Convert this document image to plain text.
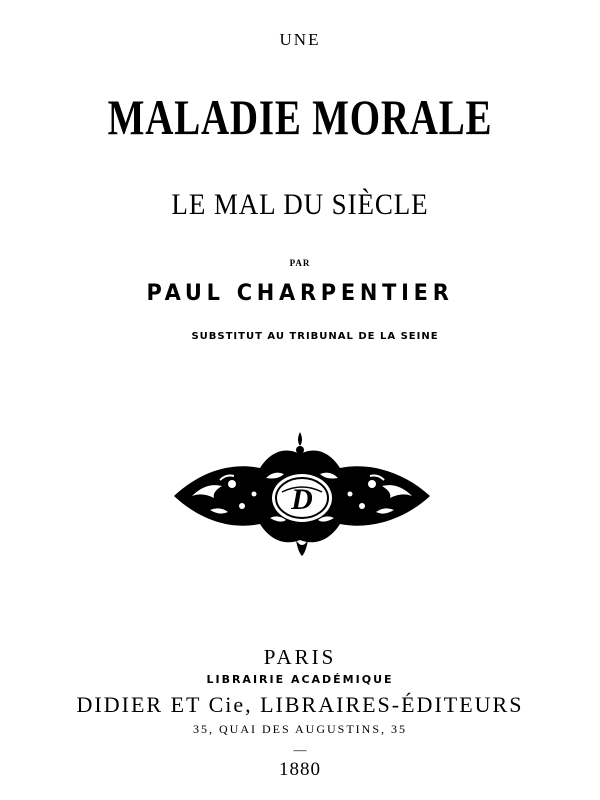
UNE
MALADIE MORALE
LE MAL DU SIÈCLE
PAR
PAUL CHARPENTIER
SUBSTITUT AU TRIBUNAL DE LA SEINE
D
PARIS
LIBRAIRIE ACADÉMIQUE
DIDIER ET Cie, LIBRAIRES-ÉDITEURS
35, QUAI DES AUGUSTINS, 35
—
1880
